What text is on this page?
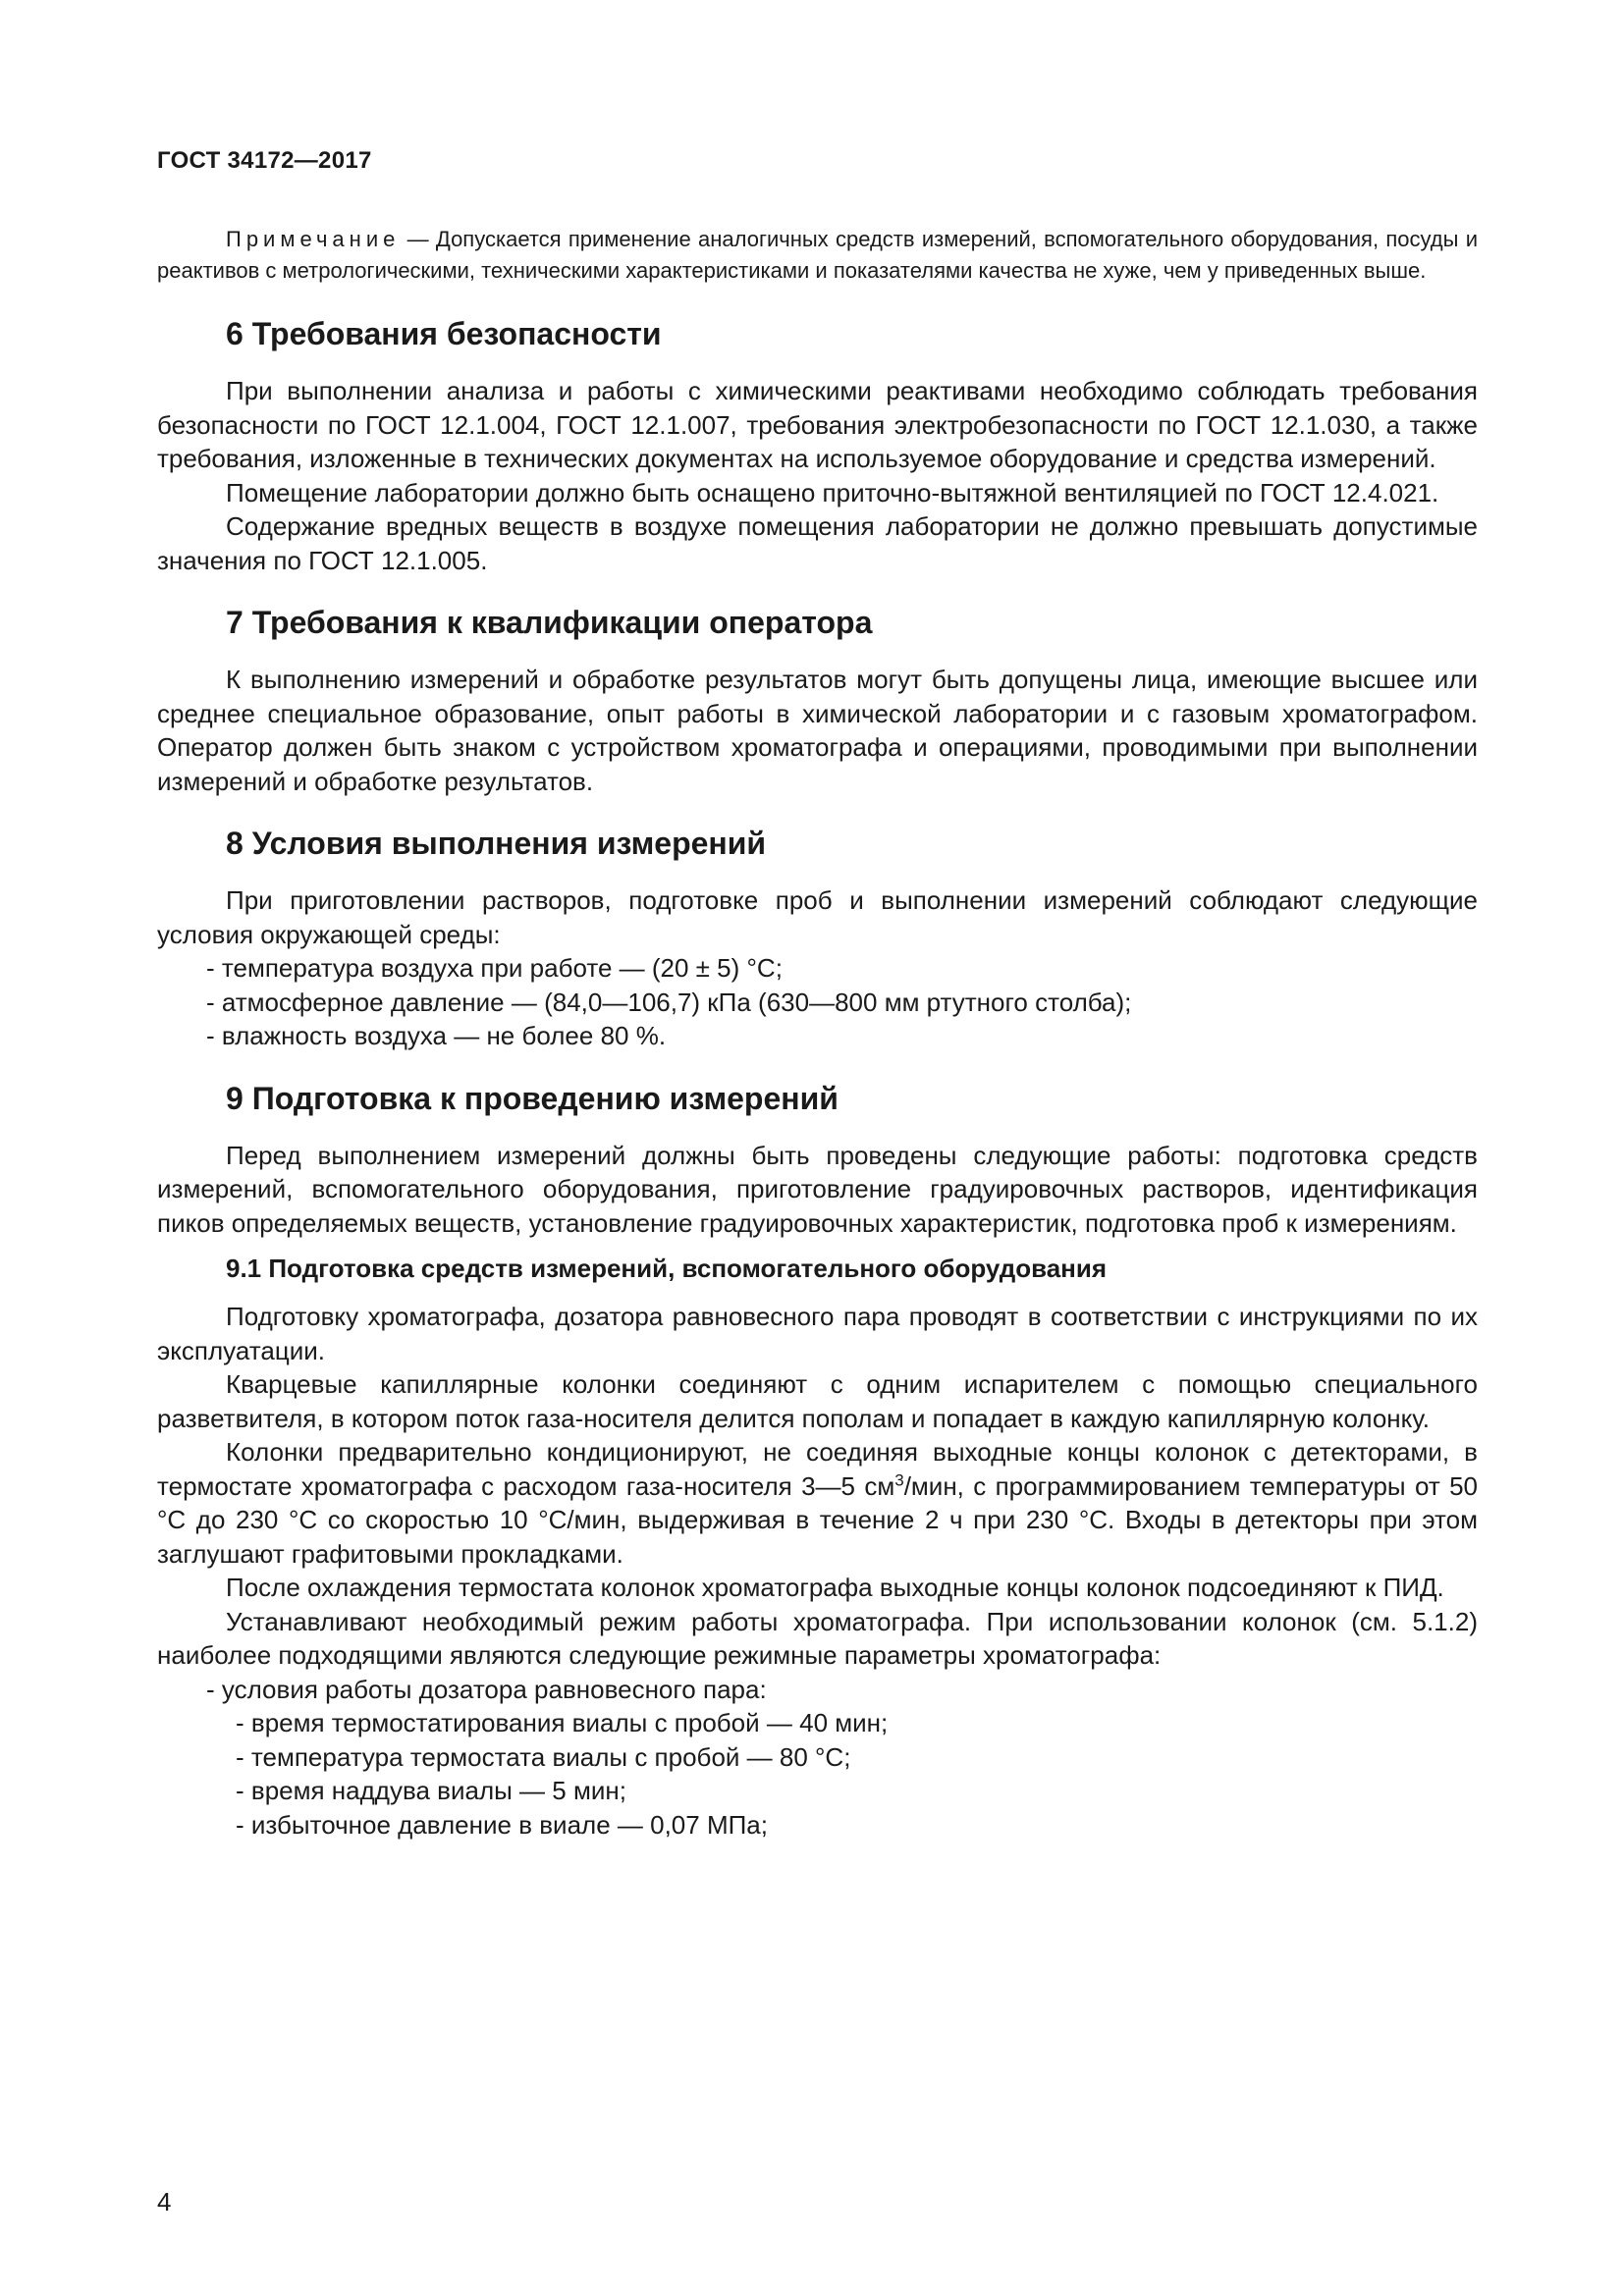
ГОСТ 34172—2017
Примечание — Допускается применение аналогичных средств измерений, вспомогательного оборудования, посуды и реактивов с метрологическими, техническими характеристиками и показателями качества не хуже, чем у приведенных выше.
6 Требования безопасности

При выполнении анализа и работы с химическими реактивами необходимо соблюдать требования безопасности по ГОСТ 12.1.004, ГОСТ 12.1.007, требования электробезопасности по ГОСТ 12.1.030, а также требования, изложенные в технических документах на используемое оборудование и средства измерений.

Помещение лаборатории должно быть оснащено приточно-вытяжной вентиляцией по ГОСТ 12.4.021.

Содержание вредных веществ в воздухе помещения лаборатории не должно превышать допустимые значения по ГОСТ 12.1.005.

7 Требования к квалификации оператора

К выполнению измерений и обработке результатов могут быть допущены лица, имеющие высшее или среднее специальное образование, опыт работы в химической лаборатории и с газовым хроматографом. Оператор должен быть знаком с устройством хроматографа и операциями, проводимыми при выполнении измерений и обработке результатов.

8 Условия выполнения измерений

При приготовлении растворов, подготовке проб и выполнении измерений соблюдают следующие условия окружающей среды:

- температура воздуха при работе — (20 ± 5) °С;
- атмосферное давление — (84,0—106,7) кПа (630—800 мм ртутного столба);
- влажность воздуха — не более 80 %.
9 Подготовка к проведению измерений

Перед выполнением измерений должны быть проведены следующие работы: подготовка средств измерений, вспомогательного оборудования, приготовление градуировочных растворов, идентификация пиков определяемых веществ, установление градуировочных характеристик, подготовка проб к измерениям.

9.1 Подготовка средств измерений, вспомогательного оборудования

Подготовку хроматографа, дозатора равновесного пара проводят в соответствии с инструкциями по их эксплуатации.

Кварцевые капиллярные колонки соединяют с одним испарителем с помощью специального разветвителя, в котором поток газа-носителя делится пополам и попадает в каждую капиллярную колонку.

Колонки предварительно кондиционируют, не соединяя выходные концы колонок с детекторами, в термостате хроматографа с расходом газа-носителя 3—5 $см^3$/мин, с программированием температуры от 50 °С до 230 °С со скоростью 10 °С/мин, выдерживая в течение 2 ч при 230 °С. Входы в детекторы при этом заглушают графитовыми прокладками.

После охлаждения термостата колонок хроматографа выходные концы колонок подсоединяют к ПИД.

Устанавливают необходимый режим работы хроматографа. При использовании колонок (см. 5.1.2) наиболее подходящими являются следующие режимные параметры хроматографа:

- условия работы дозатора равновесного пара:
- время термостатирования виалы с пробой — 40 мин;
- температура термостата виалы с пробой — 80 °С;
- время наддува виалы — 5 мин;
- избыточное давление в виале — 0,07 МПа;
4
